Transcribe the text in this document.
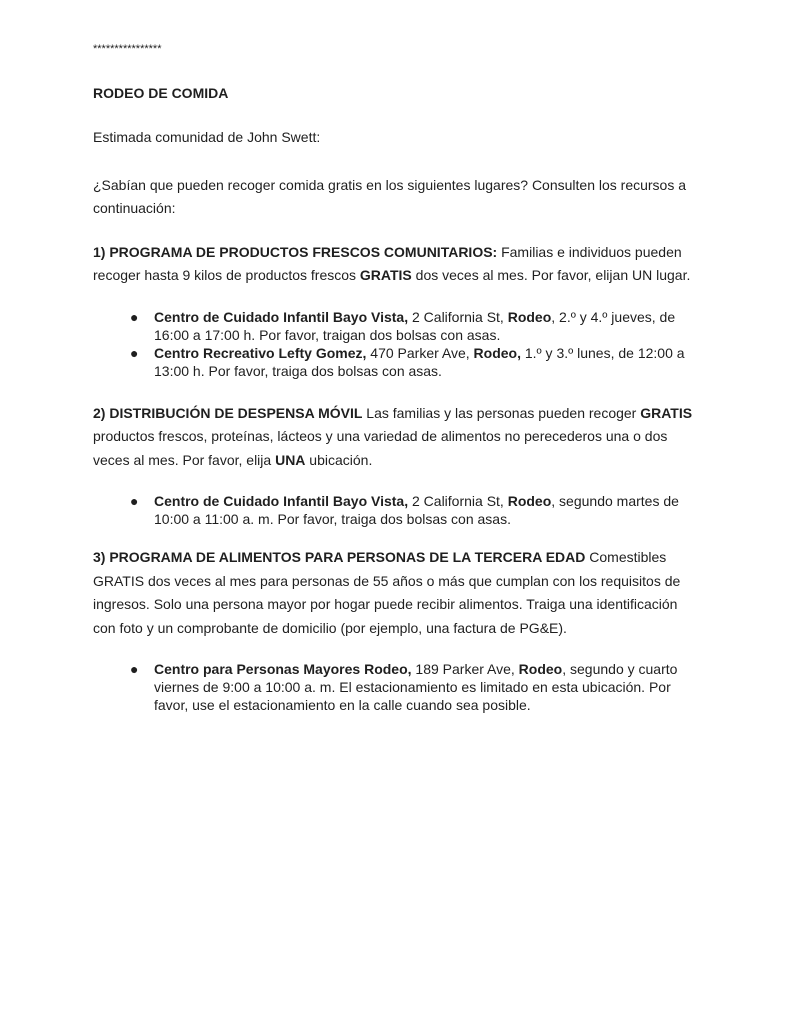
****************

RODEO DE COMIDA

Estimada comunidad de John Swett:

¿Sabían que pueden recoger comida gratis en los siguientes lugares? Consulten los recursos a continuación:

1) PROGRAMA DE PRODUCTOS FRESCOS COMUNITARIOS: Familias e individuos pueden recoger hasta 9 kilos de productos frescos GRATIS dos veces al mes. Por favor, elijan UN lugar.

● Centro de Cuidado Infantil Bayo Vista, 2 California St, Rodeo, 2.º y 4.º jueves, de 16:00 a 17:00 h. Por favor, traigan dos bolsas con asas.
● Centro Recreativo Lefty Gomez, 470 Parker Ave, Rodeo, 1.º y 3.º lunes, de 12:00 a 13:00 h. Por favor, traiga dos bolsas con asas.

2) DISTRIBUCIÓN DE DESPENSA MÓVIL Las familias y las personas pueden recoger GRATIS productos frescos, proteínas, lácteos y una variedad de alimentos no perecederos una o dos veces al mes. Por favor, elija UNA ubicación.

● Centro de Cuidado Infantil Bayo Vista, 2 California St, Rodeo, segundo martes de 10:00 a 11:00 a. m. Por favor, traiga dos bolsas con asas.

3) PROGRAMA DE ALIMENTOS PARA PERSONAS DE LA TERCERA EDAD Comestibles GRATIS dos veces al mes para personas de 55 años o más que cumplan con los requisitos de ingresos. Solo una persona mayor por hogar puede recibir alimentos. Traiga una identificación con foto y un comprobante de domicilio (por ejemplo, una factura de PG&E).

● Centro para Personas Mayores Rodeo, 189 Parker Ave, Rodeo, segundo y cuarto viernes de 9:00 a 10:00 a. m. El estacionamiento es limitado en esta ubicación. Por favor, use el estacionamiento en la calle cuando sea posible.
